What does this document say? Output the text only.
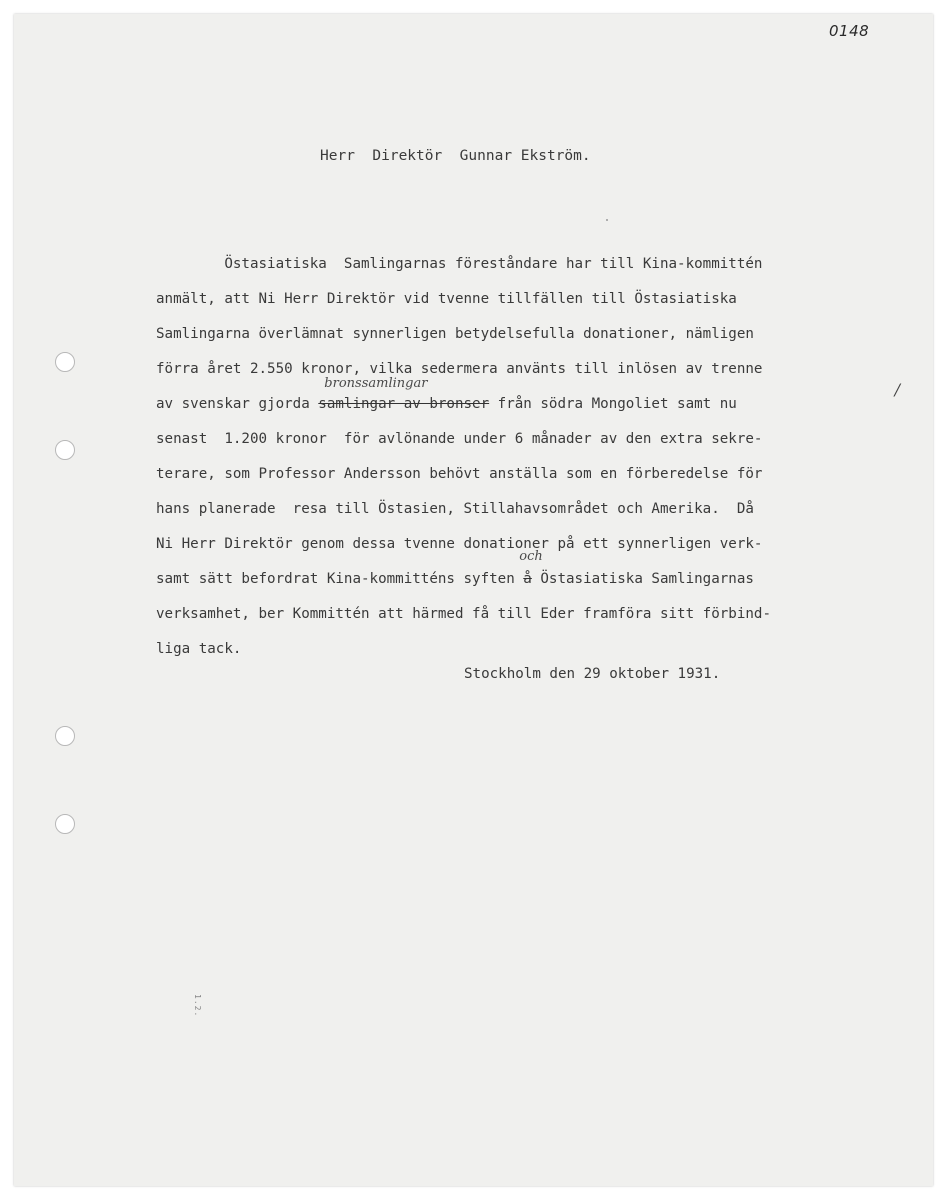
0148
Herr  Direktör  Gunnar Ekström.
Östasiatiska  Samlingarnas föreståndare har till Kina-kommittén
anmält, att Ni Herr Direktör vid tvenne tillfällen till Östasiatiska
Samlingarna överlämnat synnerligen betydelsefulla donationer, nämligen
förra året 2.550 kronor, vilka sedermera använts till inlösen av trenne
av svenskar gjorda
bronssamlingar
samlingar av bronser från södra Mongoliet samt nu
senast  1.200 kronor  för avlönande under 6 månader av den extra sekre-
terare, som Professor Andersson behövt anställa som en förberedelse för
hans planerade  resa till Östasien, Stillahavsområdet och Amerika.  Då
Ni Herr Direktör genom dessa tvenne donationer på ett synnerligen verk-
samt sätt befordrat Kina-kommitténs syften
och
å Östasiatiska Samlingarnas
verksamhet, ber Kommittén att härmed få till Eder framföra sitt förbind-
liga tack.
/
Stockholm den 29 oktober 1931.
1.2.
